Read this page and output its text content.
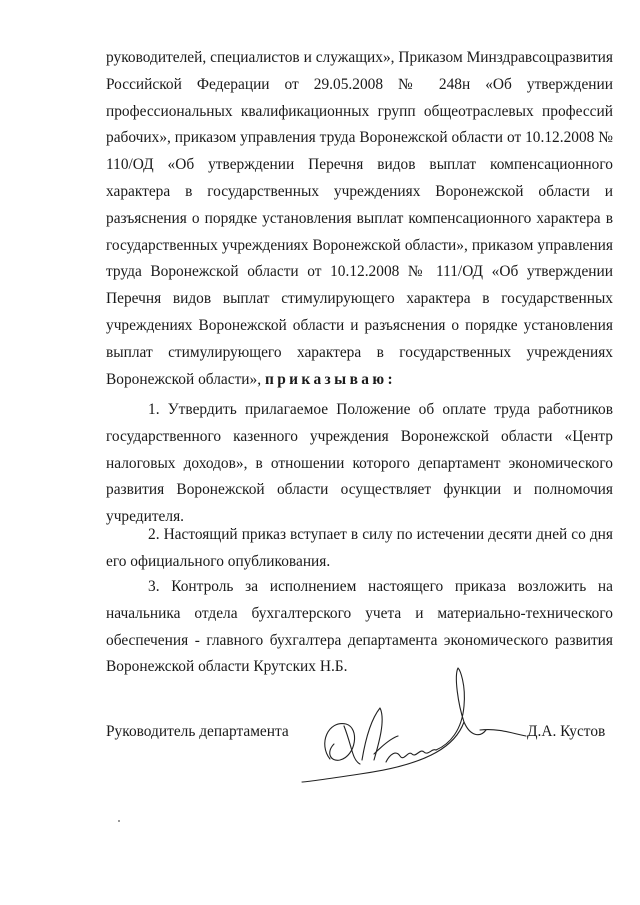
руководителей, специалистов и служащих», Приказом Минздравсоцразвития
Российской Федерации от 29.05.2008 № 248н «Об утверждении
профессиональных квалификационных групп общеотраслевых профессий
рабочих», приказом управления труда Воронежской области от 10.12.2008 №
110/ОД «Об утверждении Перечня видов выплат компенсационного
характера в государственных учреждениях Воронежской области и
разъяснения о порядке установления выплат компенсационного характера в
государственных учреждениях Воронежской области», приказом управления
труда Воронежской области от 10.12.2008 № 111/ОД «Об утверждении
Перечня видов выплат стимулирующего характера в государственных
учреждениях Воронежской области и разъяснения о порядке установления
выплат стимулирующего характера в государственных учреждениях
1. Утвердить прилагаемое Положение об оплате труда работников
государственного казенного учреждения Воронежской области «Центр
налоговых доходов», в отношении которого департамент экономического
развития Воронежской области осуществляет функции и полномочия
учредителя.
2. Настоящий приказ вступает в силу по истечении десяти дней со дня
его официального опубликования.
3. Контроль за исполнением настоящего приказа возложить на
начальника отдела бухгалтерского учета и материально-технического
обеспечения - главного бухгалтера департамента экономического развития
Воронежской области Крутских Н.Б.
Воронежской области», приказываю:
Руководитель департамента	Д.А. Кустов
